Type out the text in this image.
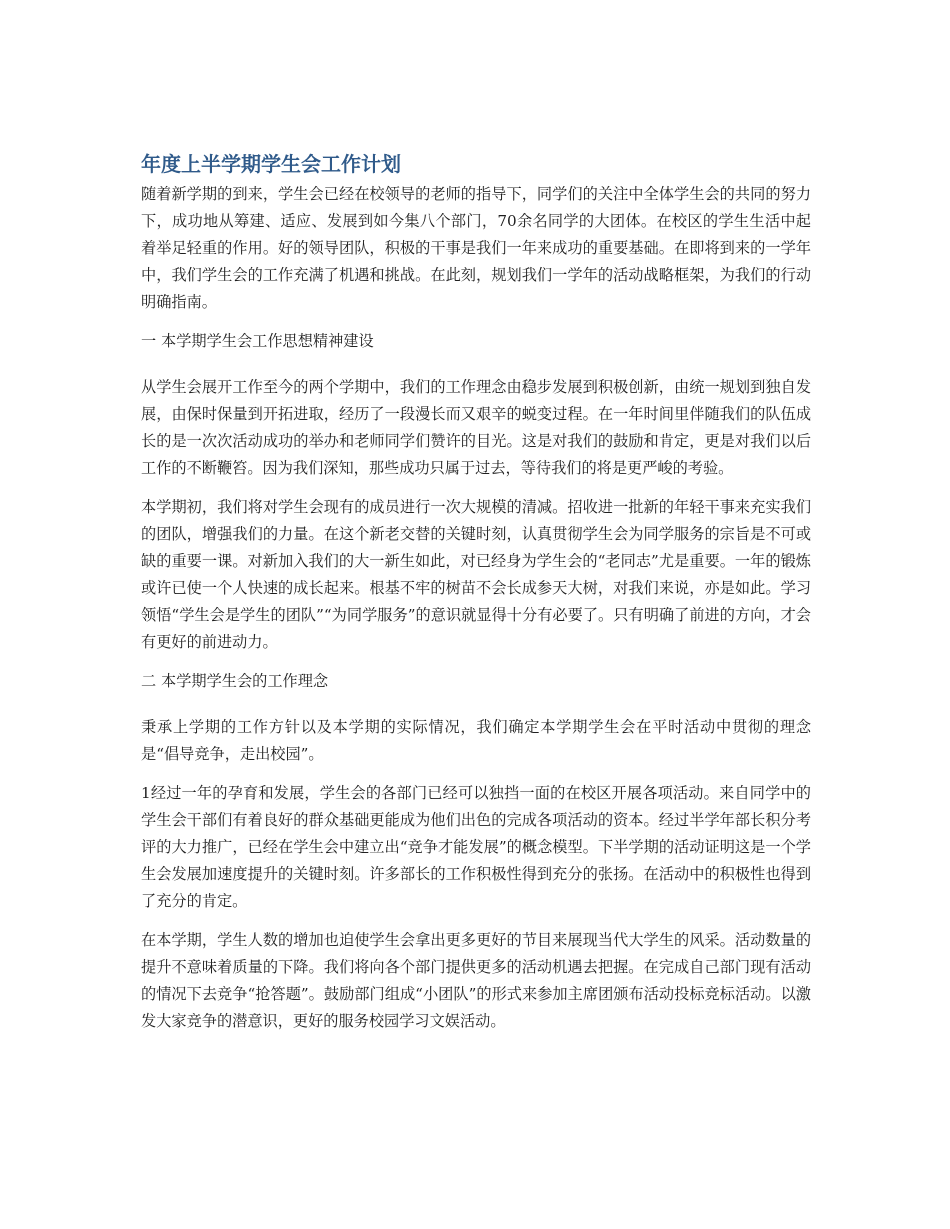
年度上半学期学生会工作计划

随着新学期的到来，学生会已经在校领导的老师的指导下，同学们的关注中全体学生会的共同的努力下，成功地从筹建、适应、发展到如今集八个部门，70余名同学的大团体。在校区的学生生活中起着举足轻重的作用。好的领导团队，积极的干事是我们一年来成功的重要基础。在即将到来的一学年中，我们学生会的工作充满了机遇和挑战。在此刻，规划我们一学年的活动战略框架，为我们的行动明确指南。

一 本学期学生会工作思想精神建设

从学生会展开工作至今的两个学期中，我们的工作理念由稳步发展到积极创新，由统一规划到独自发展，由保时保量到开拓进取，经历了一段漫长而又艰辛的蜕变过程。在一年时间里伴随我们的队伍成长的是一次次活动成功的举办和老师同学们赞许的目光。这是对我们的鼓励和肯定，更是对我们以后工作的不断鞭笞。因为我们深知，那些成功只属于过去，等待我们的将是更严峻的考验。

本学期初，我们将对学生会现有的成员进行一次大规模的清减。招收进一批新的年轻干事来充实我们的团队，增强我们的力量。在这个新老交替的关键时刻，认真贯彻学生会为同学服务的宗旨是不可或缺的重要一课。对新加入我们的大一新生如此，对已经身为学生会的“老同志”尤是重要。一年的锻炼或许已使一个人快速的成长起来。根基不牢的树苗不会长成参天大树，对我们来说，亦是如此。学习领悟“学生会是学生的团队”“为同学服务”的意识就显得十分有必要了。只有明确了前进的方向，才会有更好的前进动力。

二 本学期学生会的工作理念

秉承上学期的工作方针以及本学期的实际情况，我们确定本学期学生会在平时活动中贯彻的理念是“倡导竞争，走出校园”。

1经过一年的孕育和发展，学生会的各部门已经可以独挡一面的在校区开展各项活动。来自同学中的学生会干部们有着良好的群众基础更能成为他们出色的完成各项活动的资本。经过半学年部长积分考评的大力推广，已经在学生会中建立出“竞争才能发展”的概念模型。下半学期的活动证明这是一个学生会发展加速度提升的关键时刻。许多部长的工作积极性得到充分的张扬。在活动中的积极性也得到了充分的肯定。

在本学期，学生人数的增加也迫使学生会拿出更多更好的节目来展现当代大学生的风采。活动数量的提升不意味着质量的下降。我们将向各个部门提供更多的活动机遇去把握。在完成自己部门现有活动的情况下去竞争“抢答题”。鼓励部门组成“小团队”的形式来参加主席团颁布活动投标竞标活动。以激发大家竞争的潜意识，更好的服务校园学习文娱活动。
